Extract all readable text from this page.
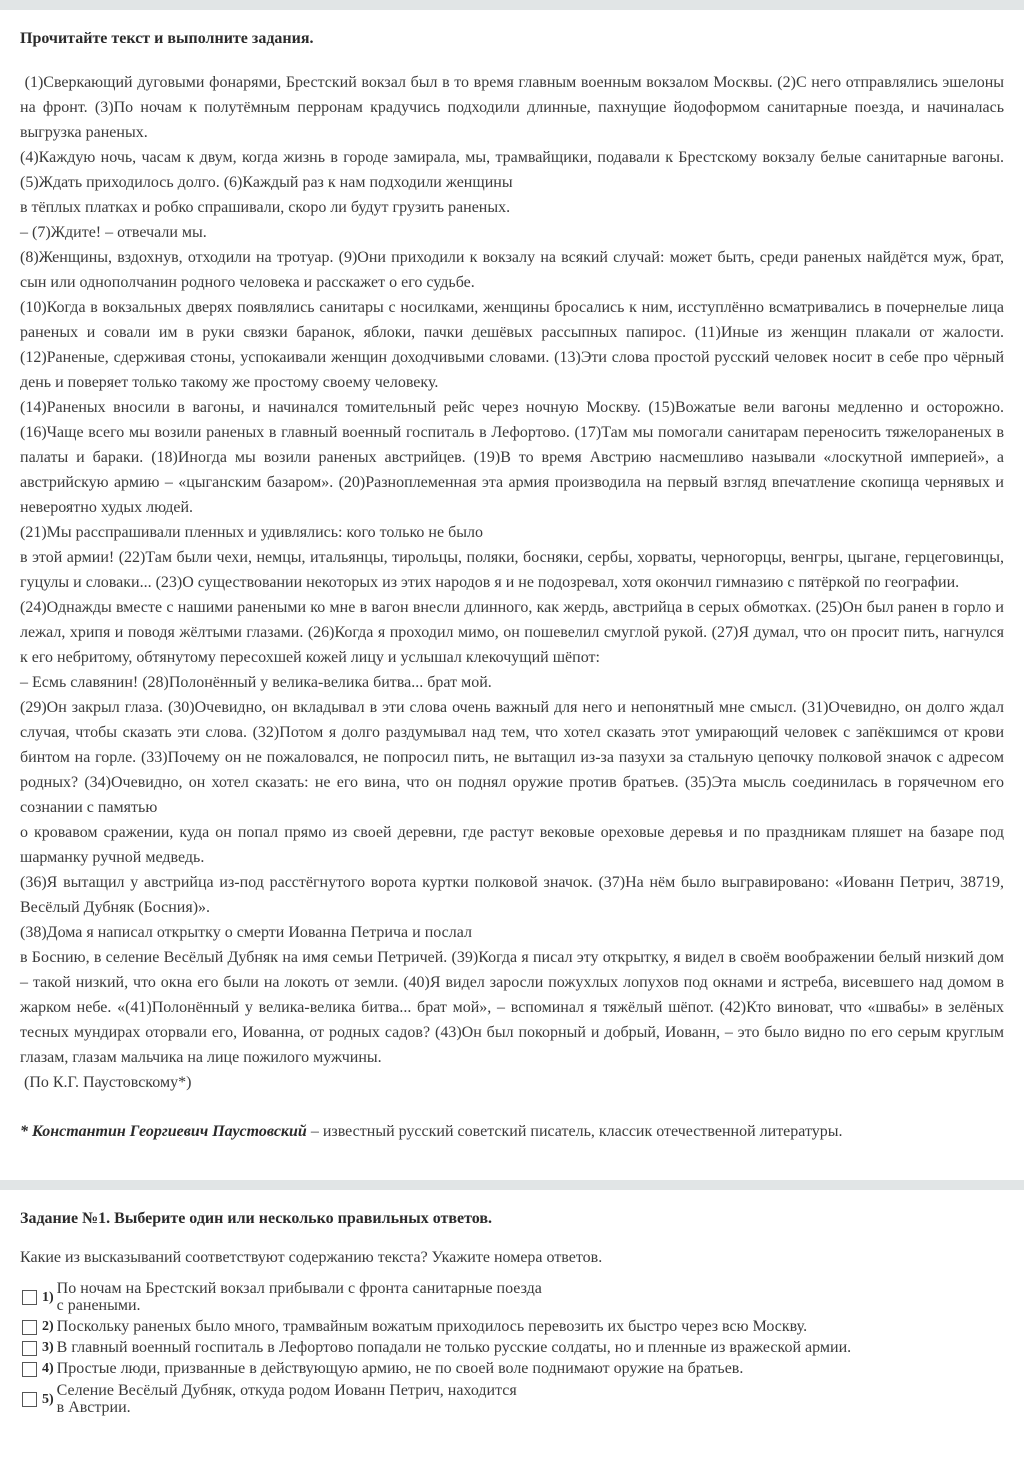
Прочитайте текст и выполните задания.

(1)Сверкающий дуговыми фонарями, Брестский вокзал был в то время главным военным вокзалом Москвы. (2)С него отправлялись эшелоны на фронт. (3)По ночам к полутёмным перронам крадучись подходили длинные, пахнущие йодоформом санитарные поезда, и начиналась выгрузка раненых.

(4)Каждую ночь, часам к двум, когда жизнь в городе замирала, мы, трамвайщики, подавали к Брестскому вокзалу белые санитарные вагоны. (5)Ждать приходилось долго. (6)Каждый раз к нам подходили женщины

в тёплых платках и робко спрашивали, скоро ли будут грузить раненых.

– (7)Ждите! – отвечали мы.

(8)Женщины, вздохнув, отходили на тротуар. (9)Они приходили к вокзалу на всякий случай: может быть, среди раненых найдётся муж, брат, сын или однополчанин родного человека и расскажет о его судьбе.

(10)Когда в вокзальных дверях появлялись санитары с носилками, женщины бросались к ним, исступлённо всматривались в почернелые лица раненых и совали им в руки связки баранок, яблоки, пачки дешёвых рассыпных папирос. (11)Иные из женщин плакали от жалости. (12)Раненые, сдерживая стоны, успокаивали женщин доходчивыми словами. (13)Эти слова простой русский человек носит в себе про чёрный день и поверяет только такому же простому своему человеку.

(14)Раненых вносили в вагоны, и начинался томительный рейс через ночную Москву. (15)Вожатые вели вагоны медленно и осторожно. (16)Чаще всего мы возили раненых в главный военный госпиталь в Лефортово. (17)Там мы помогали санитарам переносить тяжелораненых в палаты и бараки. (18)Иногда мы возили раненых австрийцев. (19)В то время Австрию насмешливо называли «лоскутной империей», а австрийскую армию – «цыганским базаром». (20)Разноплеменная эта армия производила на первый взгляд впечатление скопища чернявых и невероятно худых людей.

(21)Мы расспрашивали пленных и удивлялись: кого только не было

в этой армии! (22)Там были чехи, немцы, итальянцы, тирольцы, поляки, босняки, сербы, хорваты, черногорцы, венгры, цыгане, герцеговинцы, гуцулы и словаки... (23)О существовании некоторых из этих народов я и не подозревал, хотя окончил гимназию с пятёркой по географии.

(24)Однажды вместе с нашими ранеными ко мне в вагон внесли длинного, как жердь, австрийца в серых обмотках. (25)Он был ранен в горло и лежал, хрипя и поводя жёлтыми глазами. (26)Когда я проходил мимо, он пошевелил смуглой рукой. (27)Я думал, что он просит пить, нагнулся к его небритому, обтянутому пересохшей кожей лицу и услышал клекочущий шёпот:

– Есмь славянин! (28)Полонённый у велика-велика битва... брат мой.

(29)Он закрыл глаза. (30)Очевидно, он вкладывал в эти слова очень важный для него и непонятный мне смысл. (31)Очевидно, он долго ждал случая, чтобы сказать эти слова. (32)Потом я долго раздумывал над тем, что хотел сказать этот умирающий человек с запёкшимся от крови бинтом на горле. (33)Почему он не пожаловался, не попросил пить, не вытащил из-за пазухи за стальную цепочку полковой значок с адресом родных? (34)Очевидно, он хотел сказать: не его вина, что он поднял оружие против братьев. (35)Эта мысль соединилась в горячечном его сознании с памятью

о кровавом сражении, куда он попал прямо из своей деревни, где растут вековые ореховые деревья и по праздникам пляшет на базаре под шарманку ручной медведь.

(36)Я вытащил у австрийца из-под расстёгнутого ворота куртки полковой значок. (37)На нём было выгравировано: «Иованн Петрич, 38719, Весёлый Дубняк (Босния)».

(38)Дома я написал открытку о смерти Иованна Петрича и послал

в Боснию, в селение Весёлый Дубняк на имя семьи Петричей. (39)Когда я писал эту открытку, я видел в своём воображении белый низкий дом – такой низкий, что окна его были на локоть от земли. (40)Я видел заросли пожухлых лопухов под окнами и ястреба, висевшего над домом в жарком небе. «(41)Полонённый у велика-велика битва... брат мой», – вспоминал я тяжёлый шёпот. (42)Кто виноват, что «швабы» в зелёных тесных мундирах оторвали его, Иованна, от родных садов? (43)Он был покорный и добрый, Иованн, – это было видно по его серым круглым глазам, глазам мальчика на лице пожилого мужчины.

(По К.Г. Паустовскому*)

* Константин Георгиевич Паустовский – известный русский советский писатель, классик отечественной литературы.
Задание №1. Выберите один или несколько правильных ответов.
Какие из высказываний соответствуют содержанию текста? Укажите номера ответов.
1) По ночам на Брестский вокзал прибывали с фронта санитарные поезда
с ранеными.
2) Поскольку раненых было много, трамвайным вожатым приходилось перевозить их быстро через всю Москву.
3) В главный военный госпиталь в Лефортово попадали не только русские солдаты, но и пленные из вражеской армии.
4) Простые люди, призванные в действующую армию, не по своей воле поднимают оружие на братьев.
5) Селение Весёлый Дубняк, откуда родом Иованн Петрич, находится
в Австрии.
